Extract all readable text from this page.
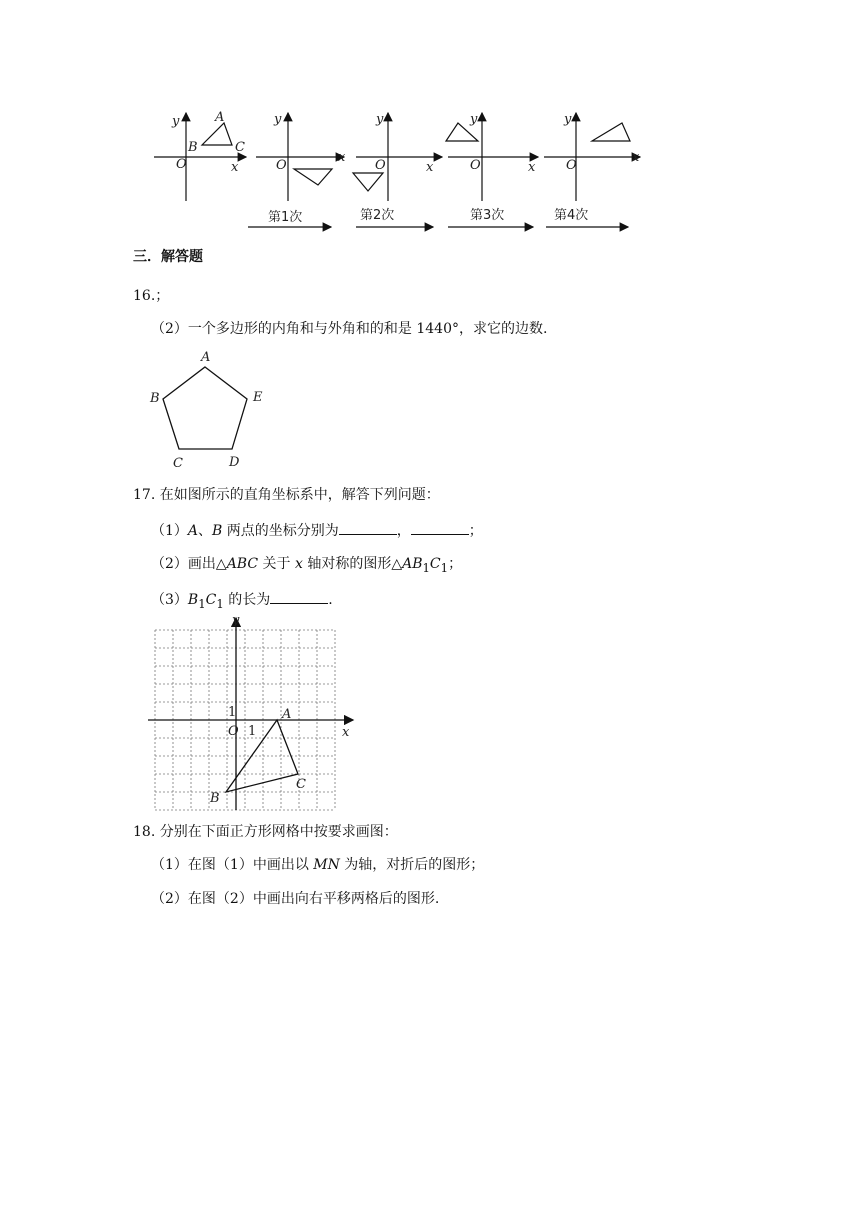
y
x
O
A
B	C
y
x
O
y
x
O
y
x
O
y
x
O
第1次	第2次	第3次	第4次
三．解答题
16.；
（2）一个多边形的内角和与外角和的和是 1440°，求它的边数.
A
B	E
C	D
17. 在如图所示的直角坐标系中，解答下列问题：
（1）A、B 两点的坐标分别为	，	；
（2）画出△ABC 关于 x 轴对称的图形$\triangle AB_1C_1$；
$(3)B_1C_1$ 的长为	.
y
x
O 1
1	A
B
C
18. 分别在下面正方形网格中按要求画图：
（1）在图（1）中画出以 MN 为轴，对折后的图形；
（2）在图（2）中画出向右平移两格后的图形.
